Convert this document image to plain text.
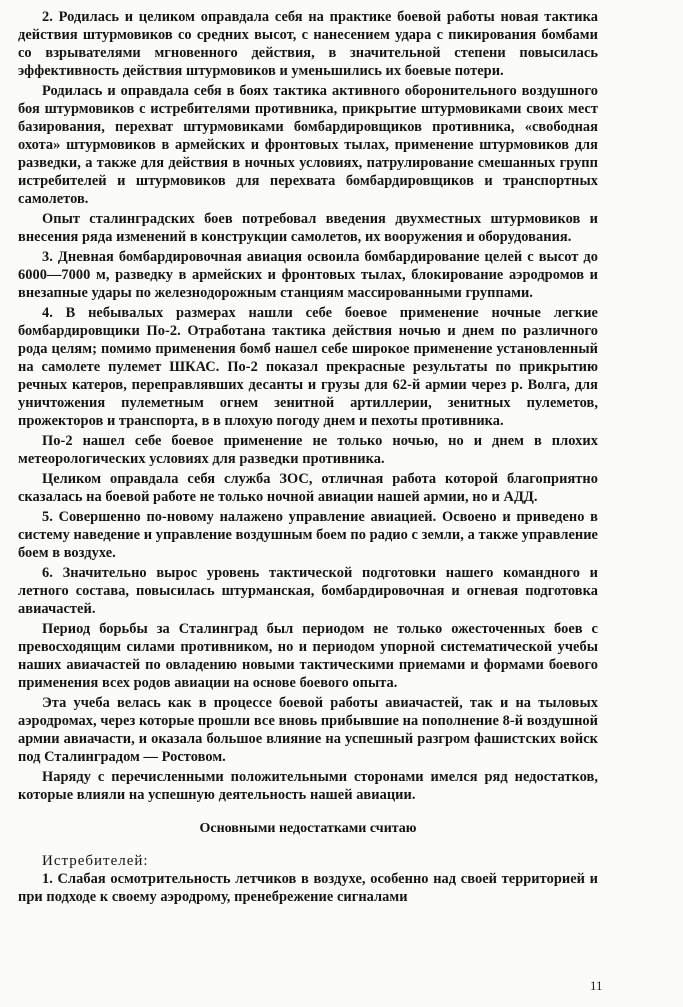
2. Родилась и целиком оправдала себя на практике боевой работы новая тактика действия штурмовиков со средних высот, с нанесением удара с пикирования бомбами со взрывателями мгновенного действия, в значительной степени повысилась эффективность действия штурмовиков и уменьшились их боевые потери.

Родилась и оправдала себя в боях тактика активного оборонительного воздушного боя штурмовиков с истребителями противника, прикрытие штурмовиками своих мест базирования, перехват штурмовиками бомбардировщиков противника, «свободная охота» штурмовиков в армейских и фронтовых тылах, применение штурмовиков для разведки, а также для действия в ночных условиях, патрулирование смешанных групп истребителей и штурмовиков для перехвата бомбардировщиков и транспортных самолетов.

Опыт сталинградских боев потребовал введения двухместных штурмовиков и внесения ряда изменений в конструкции самолетов, их вооружения и оборудования.

3. Дневная бомбардировочная авиация освоила бомбардирование целей с высот до 6000—7000 м, разведку в армейских и фронтовых тылах, блокирование аэродромов и внезапные удары по железнодорожным станциям массированными группами.

4. В небывалых размерах нашли себе боевое применение ночные легкие бомбардировщики По-2. Отработана тактика действия ночью и днем по различного рода целям; помимо применения бомб нашел себе широкое применение установленный на самолете пулемет ШКАС. По-2 показал прекрасные результаты по прикрытию речных катеров, переправлявших десанты и грузы для 62-й армии через р. Волга, для уничтожения пулеметным огнем зенитной артиллерии, зенитных пулеметов, прожекторов и транспорта, в в плохую погоду днем и пехоты противника.

По-2 нашел себе боевое применение не только ночью, но и днем в плохих метеорологических условиях для разведки противника.

Целиком оправдала себя служба ЗОС, отличная работа которой благоприятно сказалась на боевой работе не только ночной авиации нашей армии, но и АДД.

5. Совершенно по-новому налажено управление авиацией. Освоено и приведено в систему наведение и управление воздушным боем по радио с земли, а также управление боем в воздухе.

6. Значительно вырос уровень тактической подготовки нашего командного и летного состава, повысилась штурманская, бомбардировочная и огневая подготовка авиачастей.

Период борьбы за Сталинград был периодом не только ожесточенных боев с превосходящим силами противником, но и периодом упорной систематической учебы наших авиачастей по овладению новыми тактическими приемами и формами боевого применения всех родов авиации на основе боевого опыта.

Эта учеба велась как в процессе боевой работы авиачастей, так и на тыловых аэродромах, через которые прошли все вновь прибывшие на пополнение 8-й воздушной армии авиачасти, и оказала большое влияние на успешный разгром фашистских войск под Сталинградом — Ростовом.

Наряду с перечисленными положительными сторонами имелся ряд недостатков, которые влияли на успешную деятельность нашей авиации.

Основными недостатками считаю
Истребителей:

1. Слабая осмотрительность летчиков в воздухе, особенно над своей территорией и при подходе к своему аэродрому, пренебрежение сигналами

11
